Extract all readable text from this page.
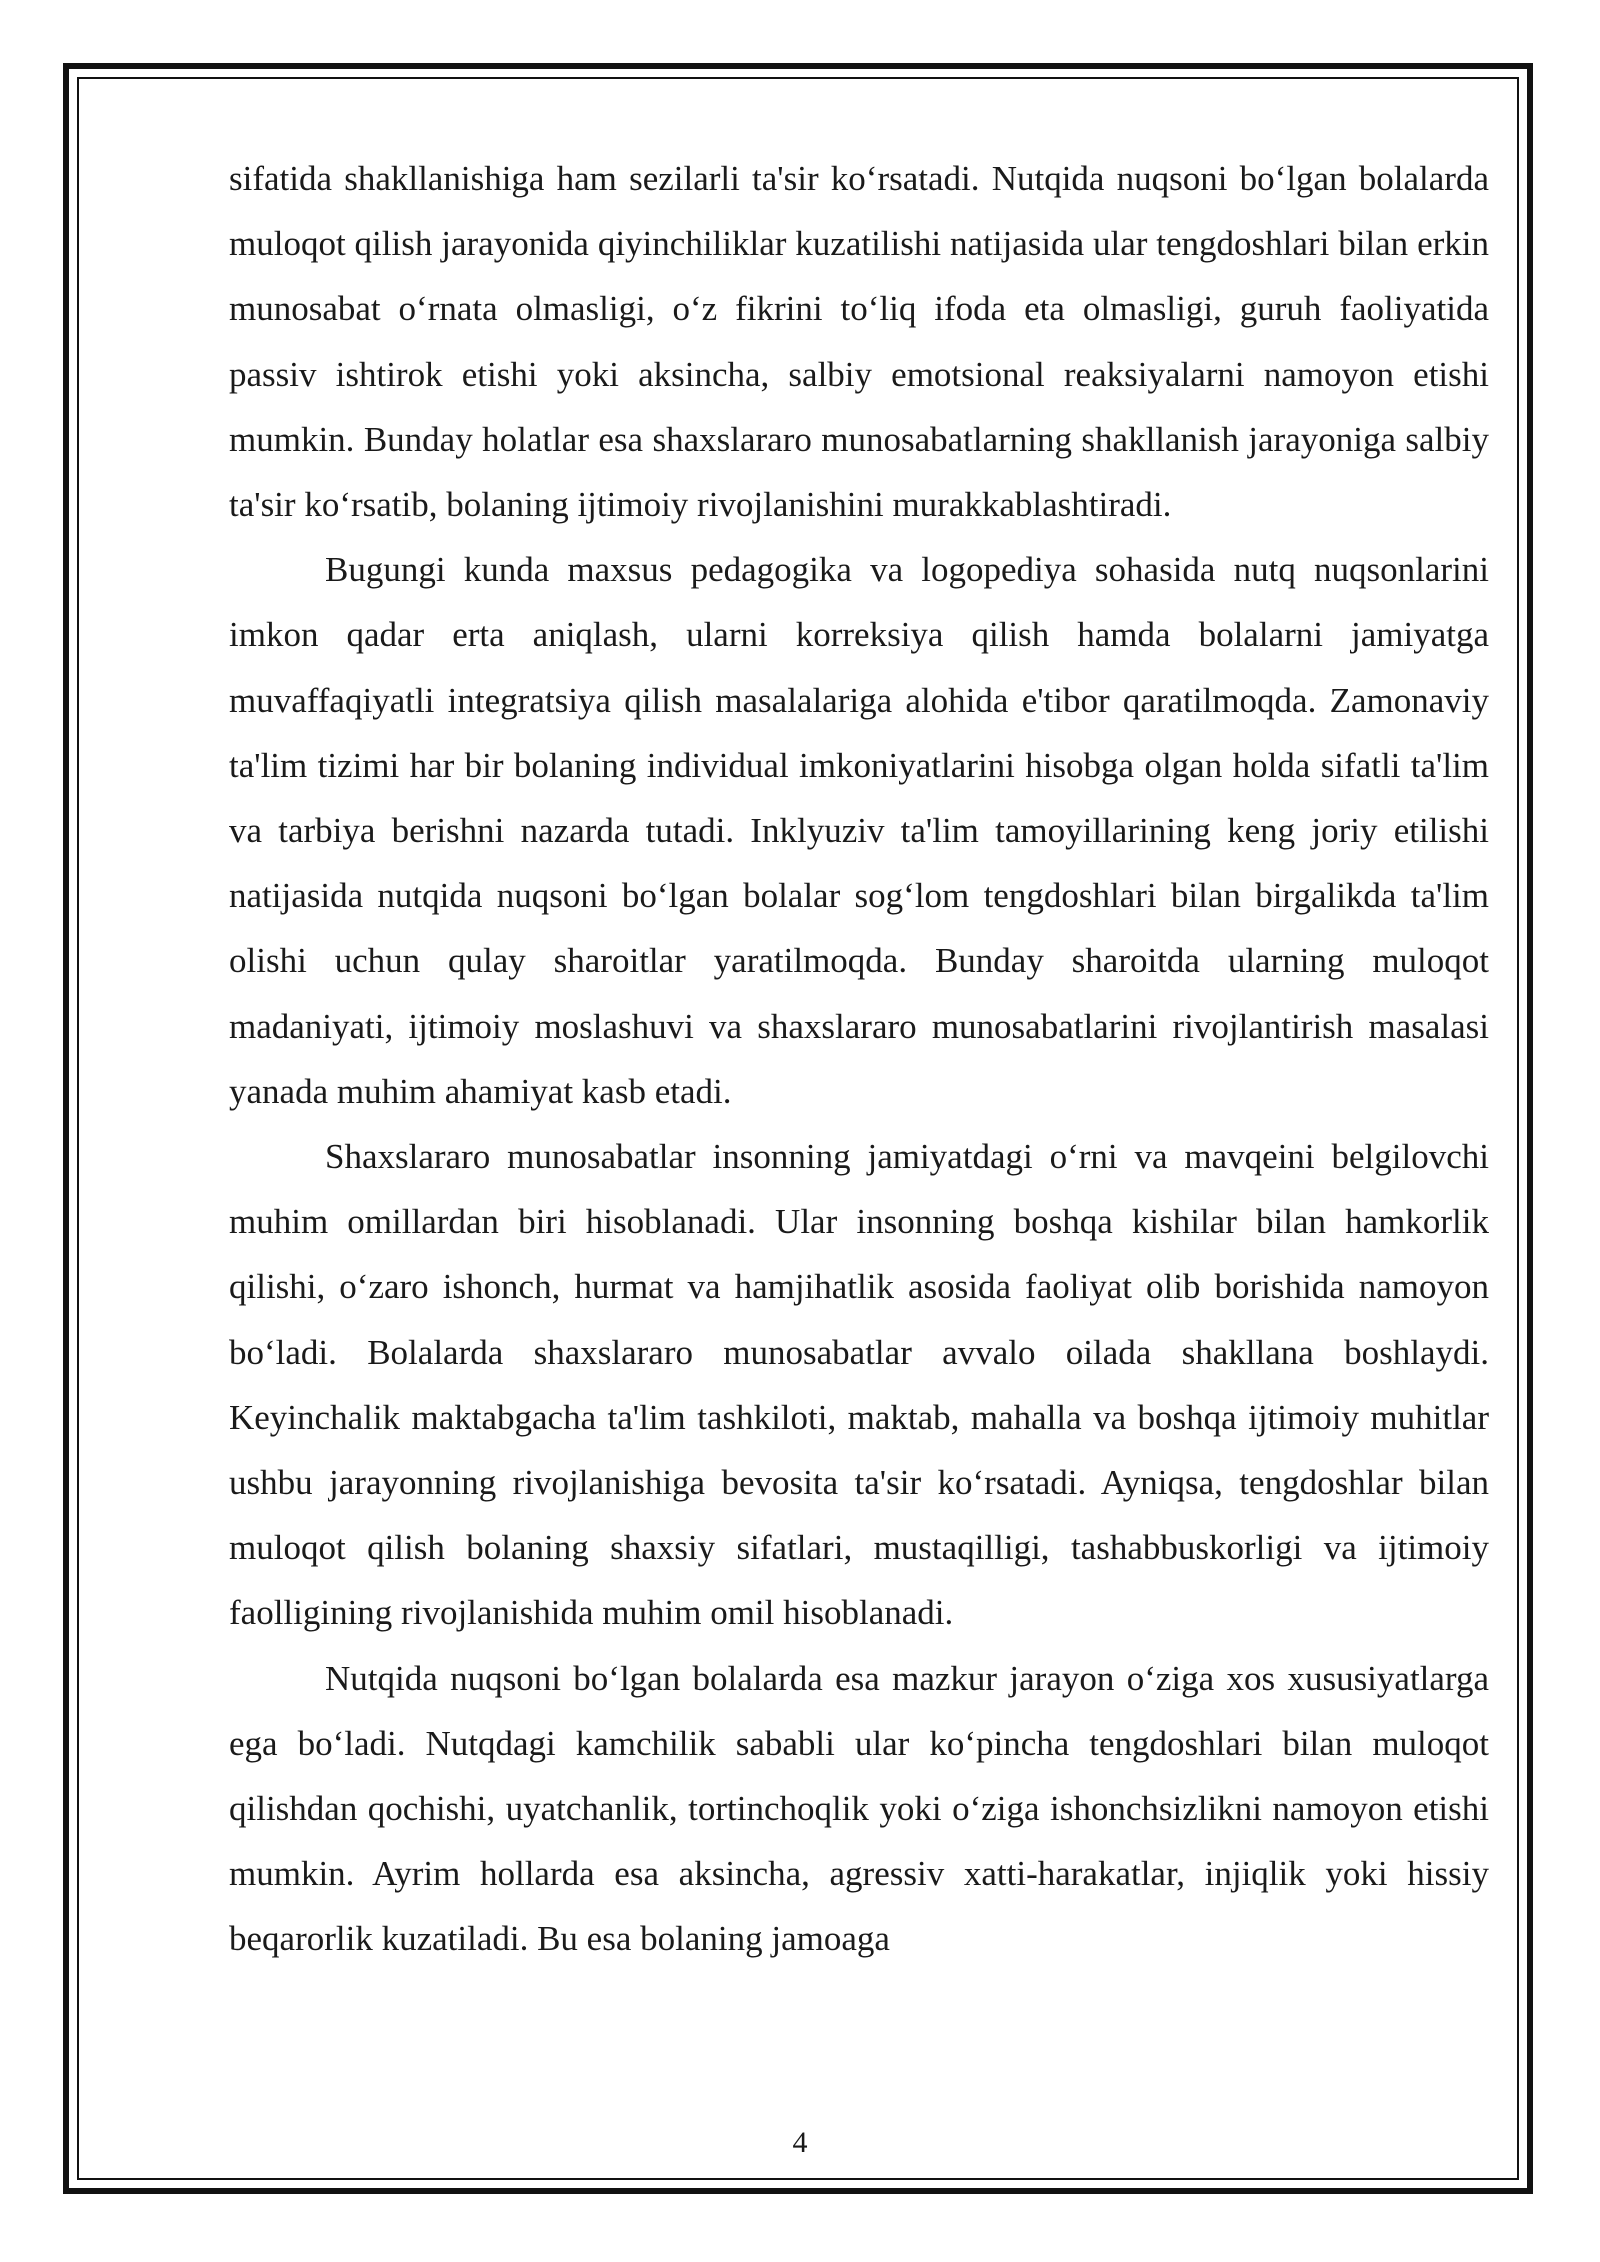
sifatida shakllanishiga ham sezilarli ta'sir ko‘rsatadi. Nutqida nuqsoni bo‘lgan bolalarda muloqot qilish jarayonida qiyinchiliklar kuzatilishi natijasida ular tengdoshlari bilan erkin munosabat o‘rnata olmasligi, o‘z fikrini to‘liq ifoda eta olmasligi, guruh faoliyatida passiv ishtirok etishi yoki aksincha, salbiy emotsional reaksiyalarni namoyon etishi mumkin. Bunday holatlar esa shaxslararo munosabatlarning shakllanish jarayoniga salbiy ta'sir ko‘rsatib, bolaning ijtimoiy rivojlanishini murakkablashtiradi.

Bugungi kunda maxsus pedagogika va logopediya sohasida nutq nuqsonlarini imkon qadar erta aniqlash, ularni korreksiya qilish hamda bolalarni jamiyatga muvaffaqiyatli integratsiya qilish masalalariga alohida e'tibor qaratilmoqda. Zamonaviy ta'lim tizimi har bir bolaning individual imkoniyatlarini hisobga olgan holda sifatli ta'lim va tarbiya berishni nazarda tutadi. Inklyuziv ta'lim tamoyillarining keng joriy etilishi natijasida nutqida nuqsoni bo‘lgan bolalar sog‘lom tengdoshlari bilan birgalikda ta'lim olishi uchun qulay sharoitlar yaratilmoqda. Bunday sharoitda ularning muloqot madaniyati, ijtimoiy moslashuvi va shaxslararo munosabatlarini rivojlantirish masalasi yanada muhim ahamiyat kasb etadi.

Shaxslararo munosabatlar insonning jamiyatdagi o‘rni va mavqeini belgilovchi muhim omillardan biri hisoblanadi. Ular insonning boshqa kishilar bilan hamkorlik qilishi, o‘zaro ishonch, hurmat va hamjihatlik asosida faoliyat olib borishida namoyon bo‘ladi. Bolalarda shaxslararo munosabatlar avvalo oilada shakllana boshlaydi. Keyinchalik maktabgacha ta'lim tashkiloti, maktab, mahalla va boshqa ijtimoiy muhitlar ushbu jarayonning rivojlanishiga bevosita ta'sir ko‘rsatadi. Ayniqsa, tengdoshlar bilan muloqot qilish bolaning shaxsiy sifatlari, mustaqilligi, tashabbuskorligi va ijtimoiy faolligining rivojlanishida muhim omil hisoblanadi.

Nutqida nuqsoni bo‘lgan bolalarda esa mazkur jarayon o‘ziga xos xususiyatlarga ega bo‘ladi. Nutqdagi kamchilik sababli ular ko‘pincha tengdoshlari bilan muloqot qilishdan qochishi, uyatchanlik, tortinchoqlik yoki o‘ziga ishonchsizlikni namoyon etishi mumkin. Ayrim hollarda esa aksincha, agressiv xatti-harakatlar, injiqlik yoki hissiy beqarorlik kuzatiladi. Bu esa bolaning jamoaga

4
